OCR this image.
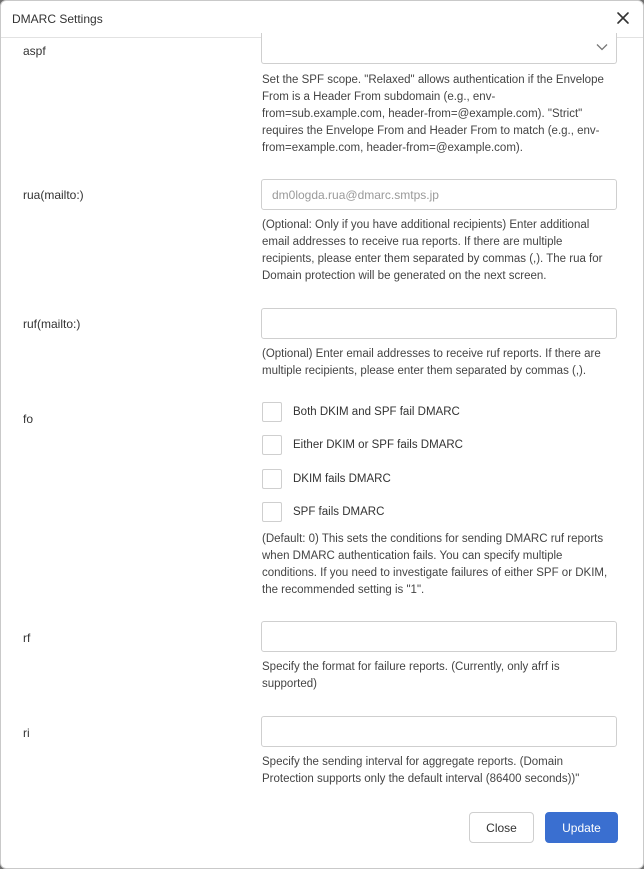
DMARC Settings
aspf
Set the SPF scope. "Relaxed" allows authentication if the Envelope From is a Header From subdomain (e.g., env-from=sub.example.com, header-from=@example.com). "Strict" requires the Envelope From and Header From to match (e.g., env-from=example.com, header-from=@example.com).
rua(mailto:)
dm0logda.rua@dmarc.smtps.jp
(Optional: Only if you have additional recipients) Enter additional email addresses to receive rua reports. If there are multiple recipients, please enter them separated by commas (,). The rua for Domain protection will be generated on the next screen.
ruf(mailto:)
(Optional) Enter email addresses to receive ruf reports. If there are multiple recipients, please enter them separated by commas (,).
fo	Both DKIM and SPF fail DMARC
Either DKIM or SPF fails DMARC
DKIM fails DMARC
SPF fails DMARC
(Default: 0) This sets the conditions for sending DMARC ruf reports when DMARC authentication fails. You can specify multiple conditions. If you need to investigate failures of either SPF or DKIM, the recommended setting is "1".
rf
Specify the format for failure reports. (Currently, only afrf is supported)
ri
Specify the sending interval for aggregate reports. (Domain Protection supports only the default interval (86400 seconds))"
Close	Update
